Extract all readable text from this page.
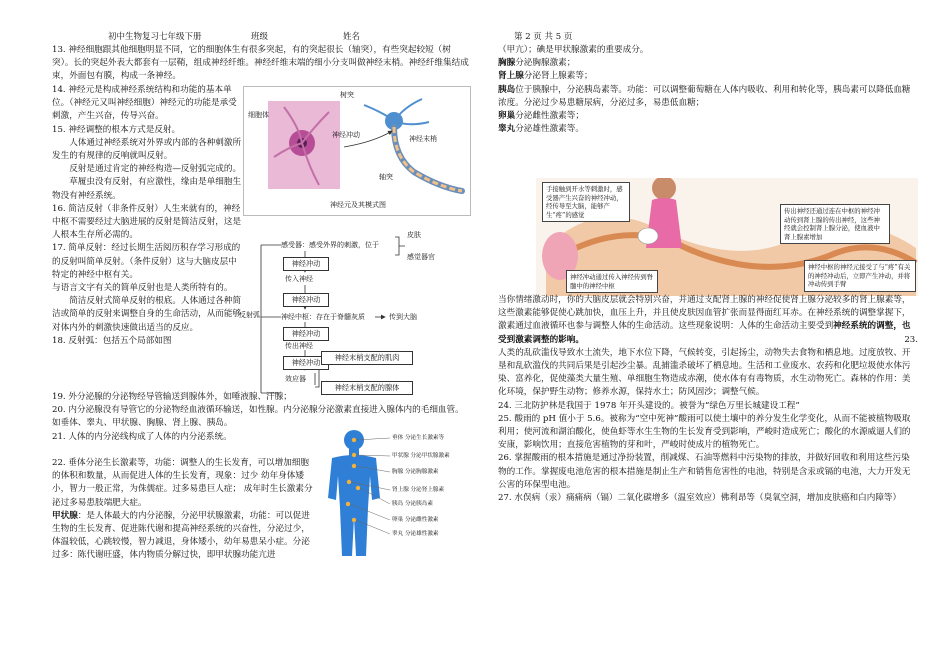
初中生物复习七年级下册	班级	姓名

13. 神经细胞跟其他细胞明显不同，它的细胞体生有很多突起，有的突起很长（轴突），有些突起较短（树突）。长的突起外表大都套有一层鞘，组成神经纤维。神经纤维末端的细小分支叫做神经末梢。神经纤维集结成束，外面包有膜，构成一条神经。

14. 神经元是构成神经系统结构和功能的基本单位。（神经元又叫神经细胞）神经元的功能是承受刺激，产生兴奋，传导兴奋。

15. 神经调整的根本方式是反射。

人体通过神经系统对外界或内部的各种刺激所发生的有规律的反响就叫反射。

反射是通过肯定的神经构造—反射弧完成的。

草履虫没有反射，有应激性，缘由是单细胞生物没有神经系统。

16. 简洁反射（非条件反射）人生来就有的，神经中枢不需要经过大脑进展的反射是简洁反射，这是人根本生存所必需的。

17. 简单反射：经过长期生活阅历积存学习形成的的反射叫简单反射。（条件反射）这与大脑皮层中特定的神经中枢有关。

与语言文字有关的简单反射也是人类所特有的。

简洁反射式简单反射的根底。人体通过各种简洁或简单的反射来调整自身的生命活动，从而能够对体内外的刺激快速做出适当的反应。

18. 反射弧：包括五个局部如图

19. 外分泌腺的分泌物经导管输送到腺体外，如唾液腺、汗腺；

20. 内分泌腺没有导管它的分泌物经血液循环输送，如性腺。内分泌腺分泌激素直接进入腺体内的毛细血管。如垂体、睾丸、甲状腺、胸腺、肾上腺、胰岛。

21. 人体的内分泌线构成了人体的内分泌系统。

22. 垂体分泌生长激素等，功能：调整人的生长发育，可以增加细胞的体积和数量，从而促进人体的生长发育，现象：过少 幼年身体矮小，智力一般正常，为侏儒症。过多易患巨人症； 成年时生长激素分泌过多易患肢端肥大症。

甲状腺：是人体最大的内分泌腺，分泌甲状腺激素，功能：可以促进生物的生长发育、促进陈代谢和提高神经系统的兴奋性，分泌过少，体温较低，心跳较慢，智力减退，身体矮小，幼年易患呆小症。分泌过多：陈代谢旺盛，体内物质分解过快，即甲状腺功能亢进

树突
细胞体
神经冲动	神经末梢
轴突
神经元及其模式图
反射弧
感受器：感受外界的刺激，位于
皮肤
感觉器官
神经冲动
传入神经
神经冲动
神经中枢：存在于脊髓灰质	传到大脑
神经冲动
传出神经
神经冲动
效应器
神经末梢支配的肌肉
神经末梢支配的腺体
垂体 分泌生长激素等
甲状腺 分泌甲状腺激素
胸腺 分泌胸腺激素
肾上腺 分泌肾上腺素
胰岛 分泌胰岛素
卵巢 分泌雌性激素
睾丸 分泌雄性激素
第 2 页 共 5 页

（甲亢）；碘是甲状腺激素的重要成分。

胸腺分泌胸腺激素；

肾上腺分泌肾上腺素等；

胰岛位于胰腺中，分泌胰岛素等。功能：可以调整葡萄糖在人体内吸收、利用和转化等，胰岛素可以降低血糖浓度。分泌过少易患糖尿病，分泌过多，易患低血糖；

卵巢分泌雌性激素等；

睾丸分泌雄性激素等。

手接触到开水等刺激时，感受器产生兴奋的神经冲动，经传导至大脑，能够产生“疼”的感觉	传出神经还通过连在中枢的神经冲动传到肾上腺的传出神经，这些神经就会控制肾上腺分泌，使血液中肾上腺素增加
神经中枢的神经元接受了与“疼”有关的神经冲动后，立即产生冲动，并将冲动传到手臂
神经冲动通过传入神经传到脊髓中的神经中枢

当你情绪激动时，你的大脑皮层就会特别兴奋，并通过支配肾上腺的神经促使肾上腺分泌较多的肾上腺素等，这些激素能够促使心跳加快，血压上升，并且使皮肤因血管扩张而显得面红耳赤。在神经系统的调整掌握下，激素通过血液循环也参与调整人体的生命活动。这些现象说明：人体的生命活动主要受到神经系统的调整，也受到激素调整的影响。	23.

人类的乱砍滥伐导致水土流失，地下水位下降，气候转变，引起扬尘，动物失去食物和栖息地。过度放牧、开垦和乱砍滥伐的共同后果是引起沙尘暴。乱捕滥杀破坏了栖息地。生活和工业废水、农药和化肥垃圾使水体污染、富养化，促使藻类大量生殖、单细胞生物造成赤潮，使水体有有毒物质，水生动物死亡。森林的作用：美化环境，保护野生动物；修养水源，保持水土；防风固沙；调整气候。

24. 三北防护林是我国于 1978 年开头建设的。被誉为“绿色万里长城建设工程”

25. 酸雨的 pH 值小于 5.6。被称为“空中死神”酸雨可以使土壤中的养分发生化学变化，从而不能被植物吸取利用；使河流和湖泊酸化，使鱼虾等水生生物的生长发育受到影响，严峻时造成死亡；酸化的水源威逼人们的安康，影响饮用；直接危害植物的芽和叶，严峻时使成片的植物死亡。

26. 掌握酸雨的根本措施是通过净扮装置，削减煤、石油等燃料中污染物的排放，并做好回收和利用这些污染物的工作。掌握废电池危害的根本措施是制止生产和销售危害性的电池，特别是含汞或镉的电池，大力开发无公害的环保型电池。

27. 水俣病（汞）痛痛病（镉）二氧化碳增多（温室效应）佛利昂等（臭氧空洞，增加皮肤癌和白内障等）
